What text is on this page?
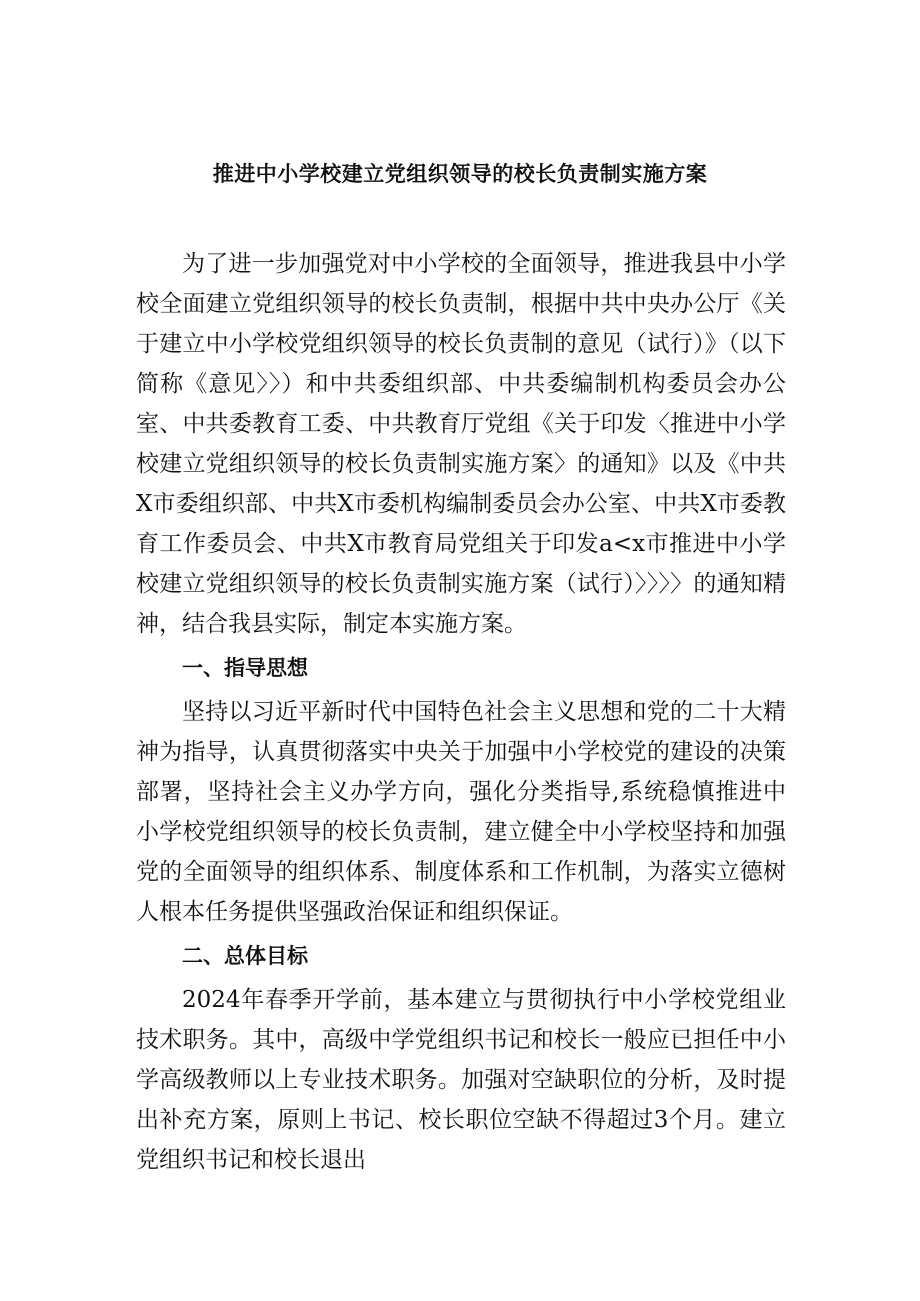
推进中小学校建立党组织领导的校长负责制实施方案

为了进一步加强党对中小学校的全面领导，推进我县中小学校全面建立党组织领导的校长负责制，根据中共中央办公厅《关于建立中小学校党组织领导的校长负责制的意见（试行）》（以下简称《意见〉〉）和中共委组织部、中共委编制机构委员会办公室、中共委教育工委、中共教育厅党组《关于印发〈推进中小学校建立党组织领导的校长负责制实施方案〉的通知》以及《中共X市委组织部、中共X市委机构编制委员会办公室、中共X市委教育工作委员会、中共X市教育局党组关于印发a<x市推进中小学校建立党组织领导的校长负责制实施方案（试行）〉〉〉〉的通知精神，结合我县实际，制定本实施方案。

一、指导思想

坚持以习近平新时代中国特色社会主义思想和党的二十大精神为指导，认真贯彻落实中央关于加强中小学校党的建设的决策部署，坚持社会主义办学方向，强化分类指导,系统稳慎推进中小学校党组织领导的校长负责制，建立健全中小学校坚持和加强党的全面领导的组织体系、制度体系和工作机制，为落实立德树人根本任务提供坚强政治保证和组织保证。

二、总体目标

2024年春季开学前，基本建立与贯彻执行中小学校党组业技术职务。其中，高级中学党组织书记和校长一般应已担任中小学高级教师以上专业技术职务。加强对空缺职位的分析，及时提出补充方案，原则上书记、校长职位空缺不得超过3个月。建立党组织书记和校长退出
